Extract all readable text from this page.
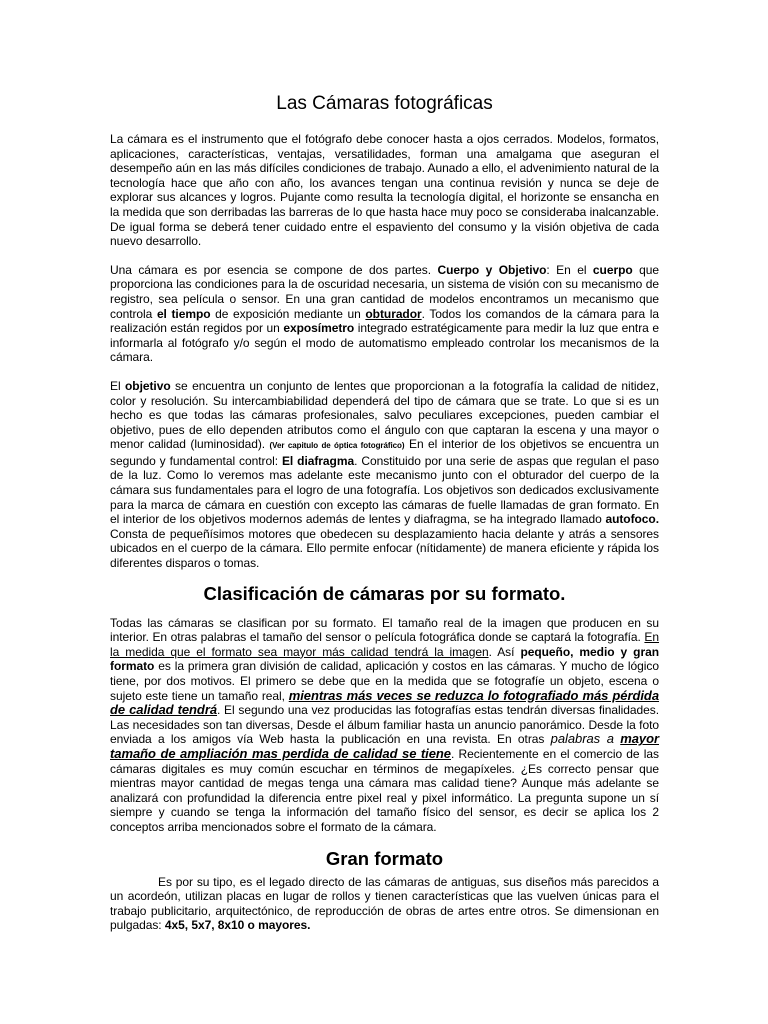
Las Cámaras fotográficas

La cámara es el instrumento que el fotógrafo debe conocer hasta a ojos cerrados. Modelos, formatos, aplicaciones, características, ventajas, versatilidades, forman una amalgama que aseguran el desempeño aún en las más difíciles condiciones de trabajo. Aunado a ello, el advenimiento natural de la tecnología hace que año con año, los avances tengan una continua revisión y nunca se deje de explorar sus alcances y logros. Pujante como resulta la tecnología digital, el horizonte se ensancha en la medida que son derribadas las barreras de lo que hasta hace muy poco se consideraba inalcanzable. De igual forma se deberá tener cuidado entre el espaviento del consumo y la visión objetiva de cada nuevo desarrollo.

Una cámara es por esencia se compone de dos partes. Cuerpo y Objetivo: En el cuerpo que proporciona las condiciones para la de oscuridad necesaria, un sistema de visión con su mecanismo de registro, sea película o sensor. En una gran cantidad de modelos encontramos un mecanismo que controla el tiempo de exposición mediante un obturador. Todos los comandos de la cámara para la realización están regidos por un exposímetro integrado estratégicamente para medir la luz que entra e informarla al fotógrafo y/o según el modo de automatismo empleado controlar los mecanismos de la cámara.

El objetivo se encuentra un conjunto de lentes que proporcionan a la fotografía la calidad de nitidez, color y resolución. Su intercambiabilidad dependerá del tipo de cámara que se trate. Lo que si es un hecho es que todas las cámaras profesionales, salvo peculiares excepciones, pueden cambiar el objetivo, pues de ello dependen atributos como el ángulo con que captaran la escena y una mayor o menor calidad (luminosidad). (Ver capitulo de óptica fotográfico) En el interior de los objetivos se encuentra un segundo y fundamental control: El diafragma. Constituido por una serie de aspas que regulan el paso de la luz. Como lo veremos mas adelante este mecanismo junto con el obturador del cuerpo de la cámara sus fundamentales para el logro de una fotografía. Los objetivos son dedicados exclusivamente para la marca de cámara en cuestión con excepto las cámaras de fuelle llamadas de gran formato. En el interior de los objetivos modernos además de lentes y diafragma, se ha integrado llamado autofoco. Consta de pequeñísimos motores que obedecen su desplazamiento hacia delante y atrás a sensores ubicados en el cuerpo de la cámara. Ello permite enfocar (nítidamente) de manera eficiente y rápida los diferentes disparos o tomas.

Clasificación de cámaras por su formato.

Todas las cámaras se clasifican por su formato. El tamaño real de la imagen que producen en su interior. En otras palabras el tamaño del sensor o película fotográfica donde se captará la fotografía. En la medida que el formato sea mayor más calidad tendrá la imagen. Así pequeño, medio y gran formato es la primera gran división de calidad, aplicación y costos en las cámaras. Y mucho de lógico tiene, por dos motivos. El primero se debe que en la medida que se fotografíe un objeto, escena o sujeto este tiene un tamaño real, mientras más veces se reduzca lo fotografiado más pérdida de calidad tendrá. El segundo una vez producidas las fotografías estas tendrán diversas finalidades. Las necesidades son tan diversas, Desde el álbum familiar hasta un anuncio panorámico. Desde la foto enviada a los amigos vía Web hasta la publicación en una revista. En otras palabras a mayor tamaño de ampliación mas perdida de calidad se tiene. Recientemente en el comercio de las cámaras digitales es muy común escuchar en términos de megapíxeles. ¿Es correcto pensar que mientras mayor cantidad de megas tenga una cámara mas calidad tiene? Aunque más adelante se analizará con profundidad la diferencia entre pixel real y pixel informático. La pregunta supone un sí siempre y cuando se tenga la información del tamaño físico del sensor, es decir se aplica los 2 conceptos arriba mencionados sobre el formato de la cámara.

Gran formato

Es por su tipo, es el legado directo de las cámaras de antiguas, sus diseños más parecidos a un acordeón, utilizan placas en lugar de rollos y tienen características que las vuelven únicas para el trabajo publicitario, arquitectónico, de reproducción de obras de artes entre otros. Se dimensionan en pulgadas: 4x5, 5x7, 8x10 o mayores.
